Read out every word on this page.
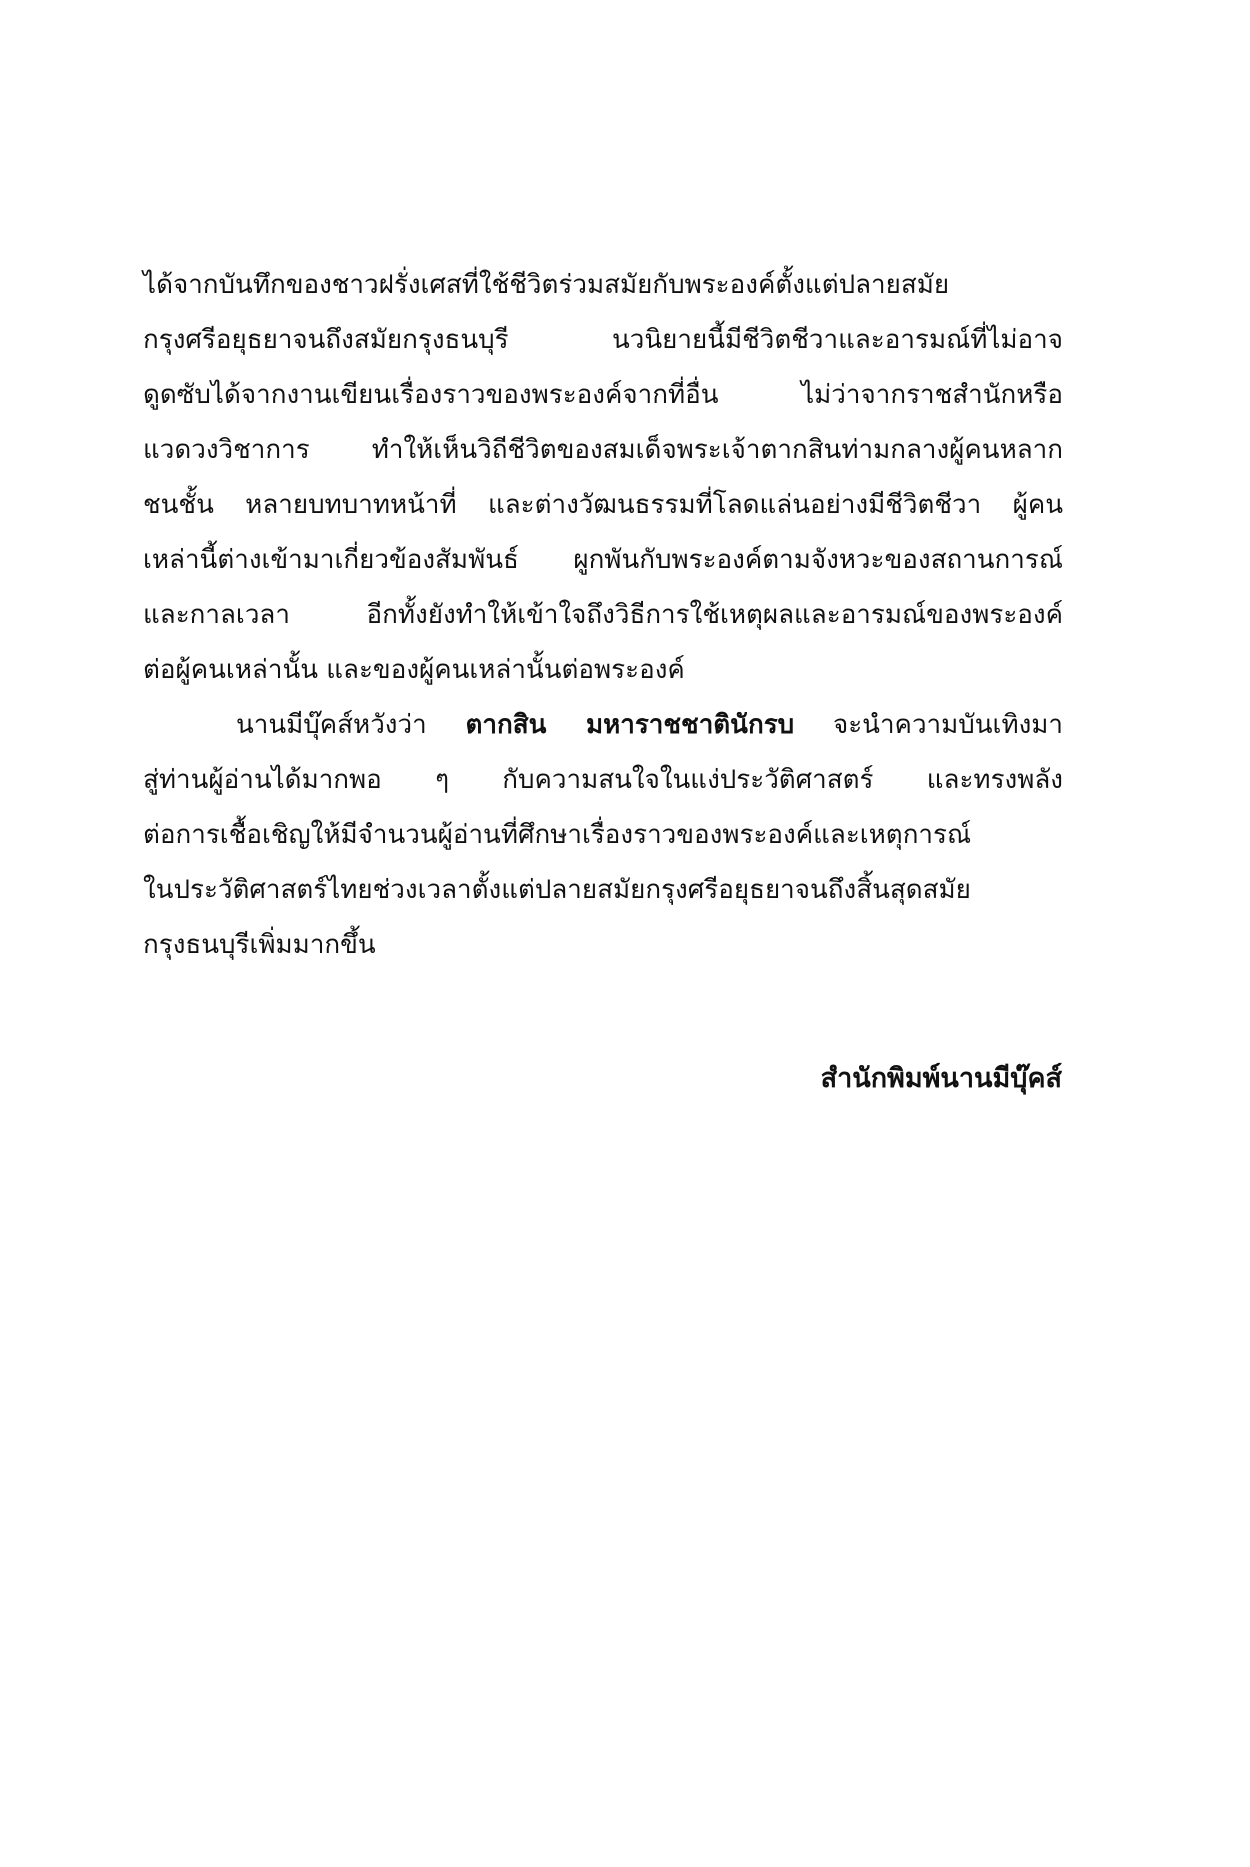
ได้จากบันทึกของชาวฝรั่งเศสที่ใช้ชีวิตร่วมสมัยกับพระองค์ตั้งแต่ปลายสมัย
กรุงศรีอยุธยาจนถึงสมัยกรุงธนบุรี นวนิยายนี้มีชีวิตชีวาและอารมณ์ที่ไม่อาจ
ดูดซับได้จากงานเขียนเรื่องราวของพระองค์จากที่อื่น ไม่ว่าจากราชสำนักหรือ
แวดวงวิชาการ ทำให้เห็นวิถีชีวิตของสมเด็จพระเจ้าตากสินท่ามกลางผู้คนหลาก
ชนชั้น หลายบทบาทหน้าที่ และต่างวัฒนธรรมที่โลดแล่นอย่างมีชีวิตชีวา ผู้คน
เหล่านี้ต่างเข้ามาเกี่ยวข้องสัมพันธ์ ผูกพันกับพระองค์ตามจังหวะของสถานการณ์
และกาลเวลา อีกทั้งยังทำให้เข้าใจถึงวิธีการใช้เหตุผลและอารมณ์ของพระองค์
ต่อผู้คนเหล่านั้น และของผู้คนเหล่านั้นต่อพระองค์
นานมีบุ๊คส์หวังว่า ตากสิน มหาราชชาตินักรบ จะนำความบันเทิงมา
สู่ท่านผู้อ่านได้มากพอ ๆ กับความสนใจในแง่ประวัติศาสตร์ และทรงพลัง
ต่อการเชื้อเชิญให้มีจำนวนผู้อ่านที่ศึกษาเรื่องราวของพระองค์และเหตุการณ์
ในประวัติศาสตร์ไทยช่วงเวลาตั้งแต่ปลายสมัยกรุงศรีอยุธยาจนถึงสิ้นสุดสมัย
กรุงธนบุรีเพิ่มมากขึ้น
สำนักพิมพ์นานมีบุ๊คส์
